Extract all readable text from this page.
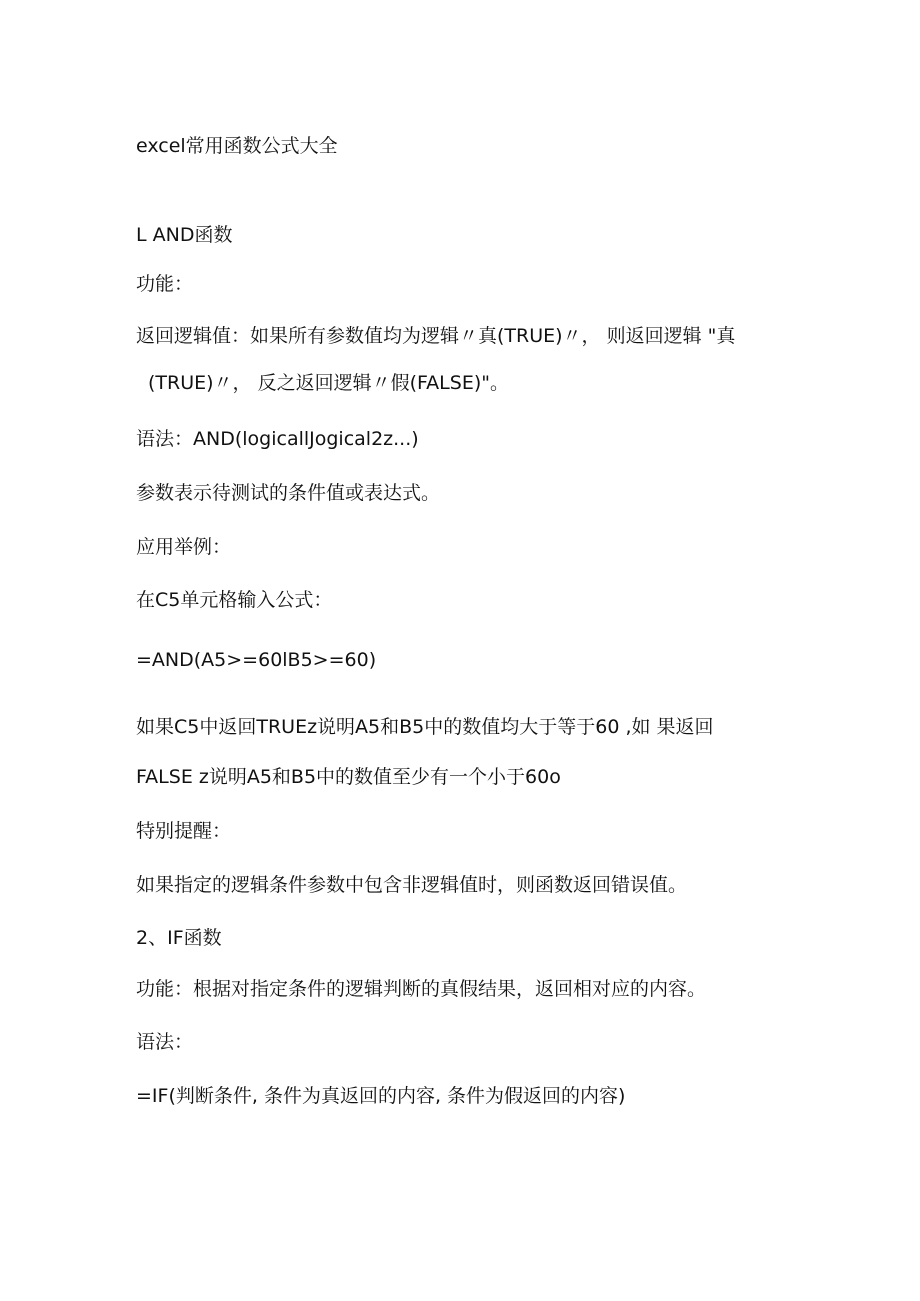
excel常用函数公式大全
L AND函数
功能：
返回逻辑值：如果所有参数值均为逻辑〃真(TRUE)〃， 则返回逻辑 "真
(TRUE)〃， 反之返回逻辑〃假(FALSE)"。
语法：AND(logicallJogical2z...)
参数表示待测试的条件值或表达式。
应用举例：
在C5单元格输入公式：
=AND(A5>=60lB5>=60)
如果C5中返回TRUEz说明A5和B5中的数值均大于等于60 ,如 果返回
FALSE z说明A5和B5中的数值至少有一个小于60o
特别提醒：
如果指定的逻辑条件参数中包含非逻辑值时，则函数返回错误值。
2、IF函数
功能：根据对指定条件的逻辑判断的真假结果，返回相对应的内容。
语法：
=IF(判断条件, 条件为真返回的内容, 条件为假返回的内容)
